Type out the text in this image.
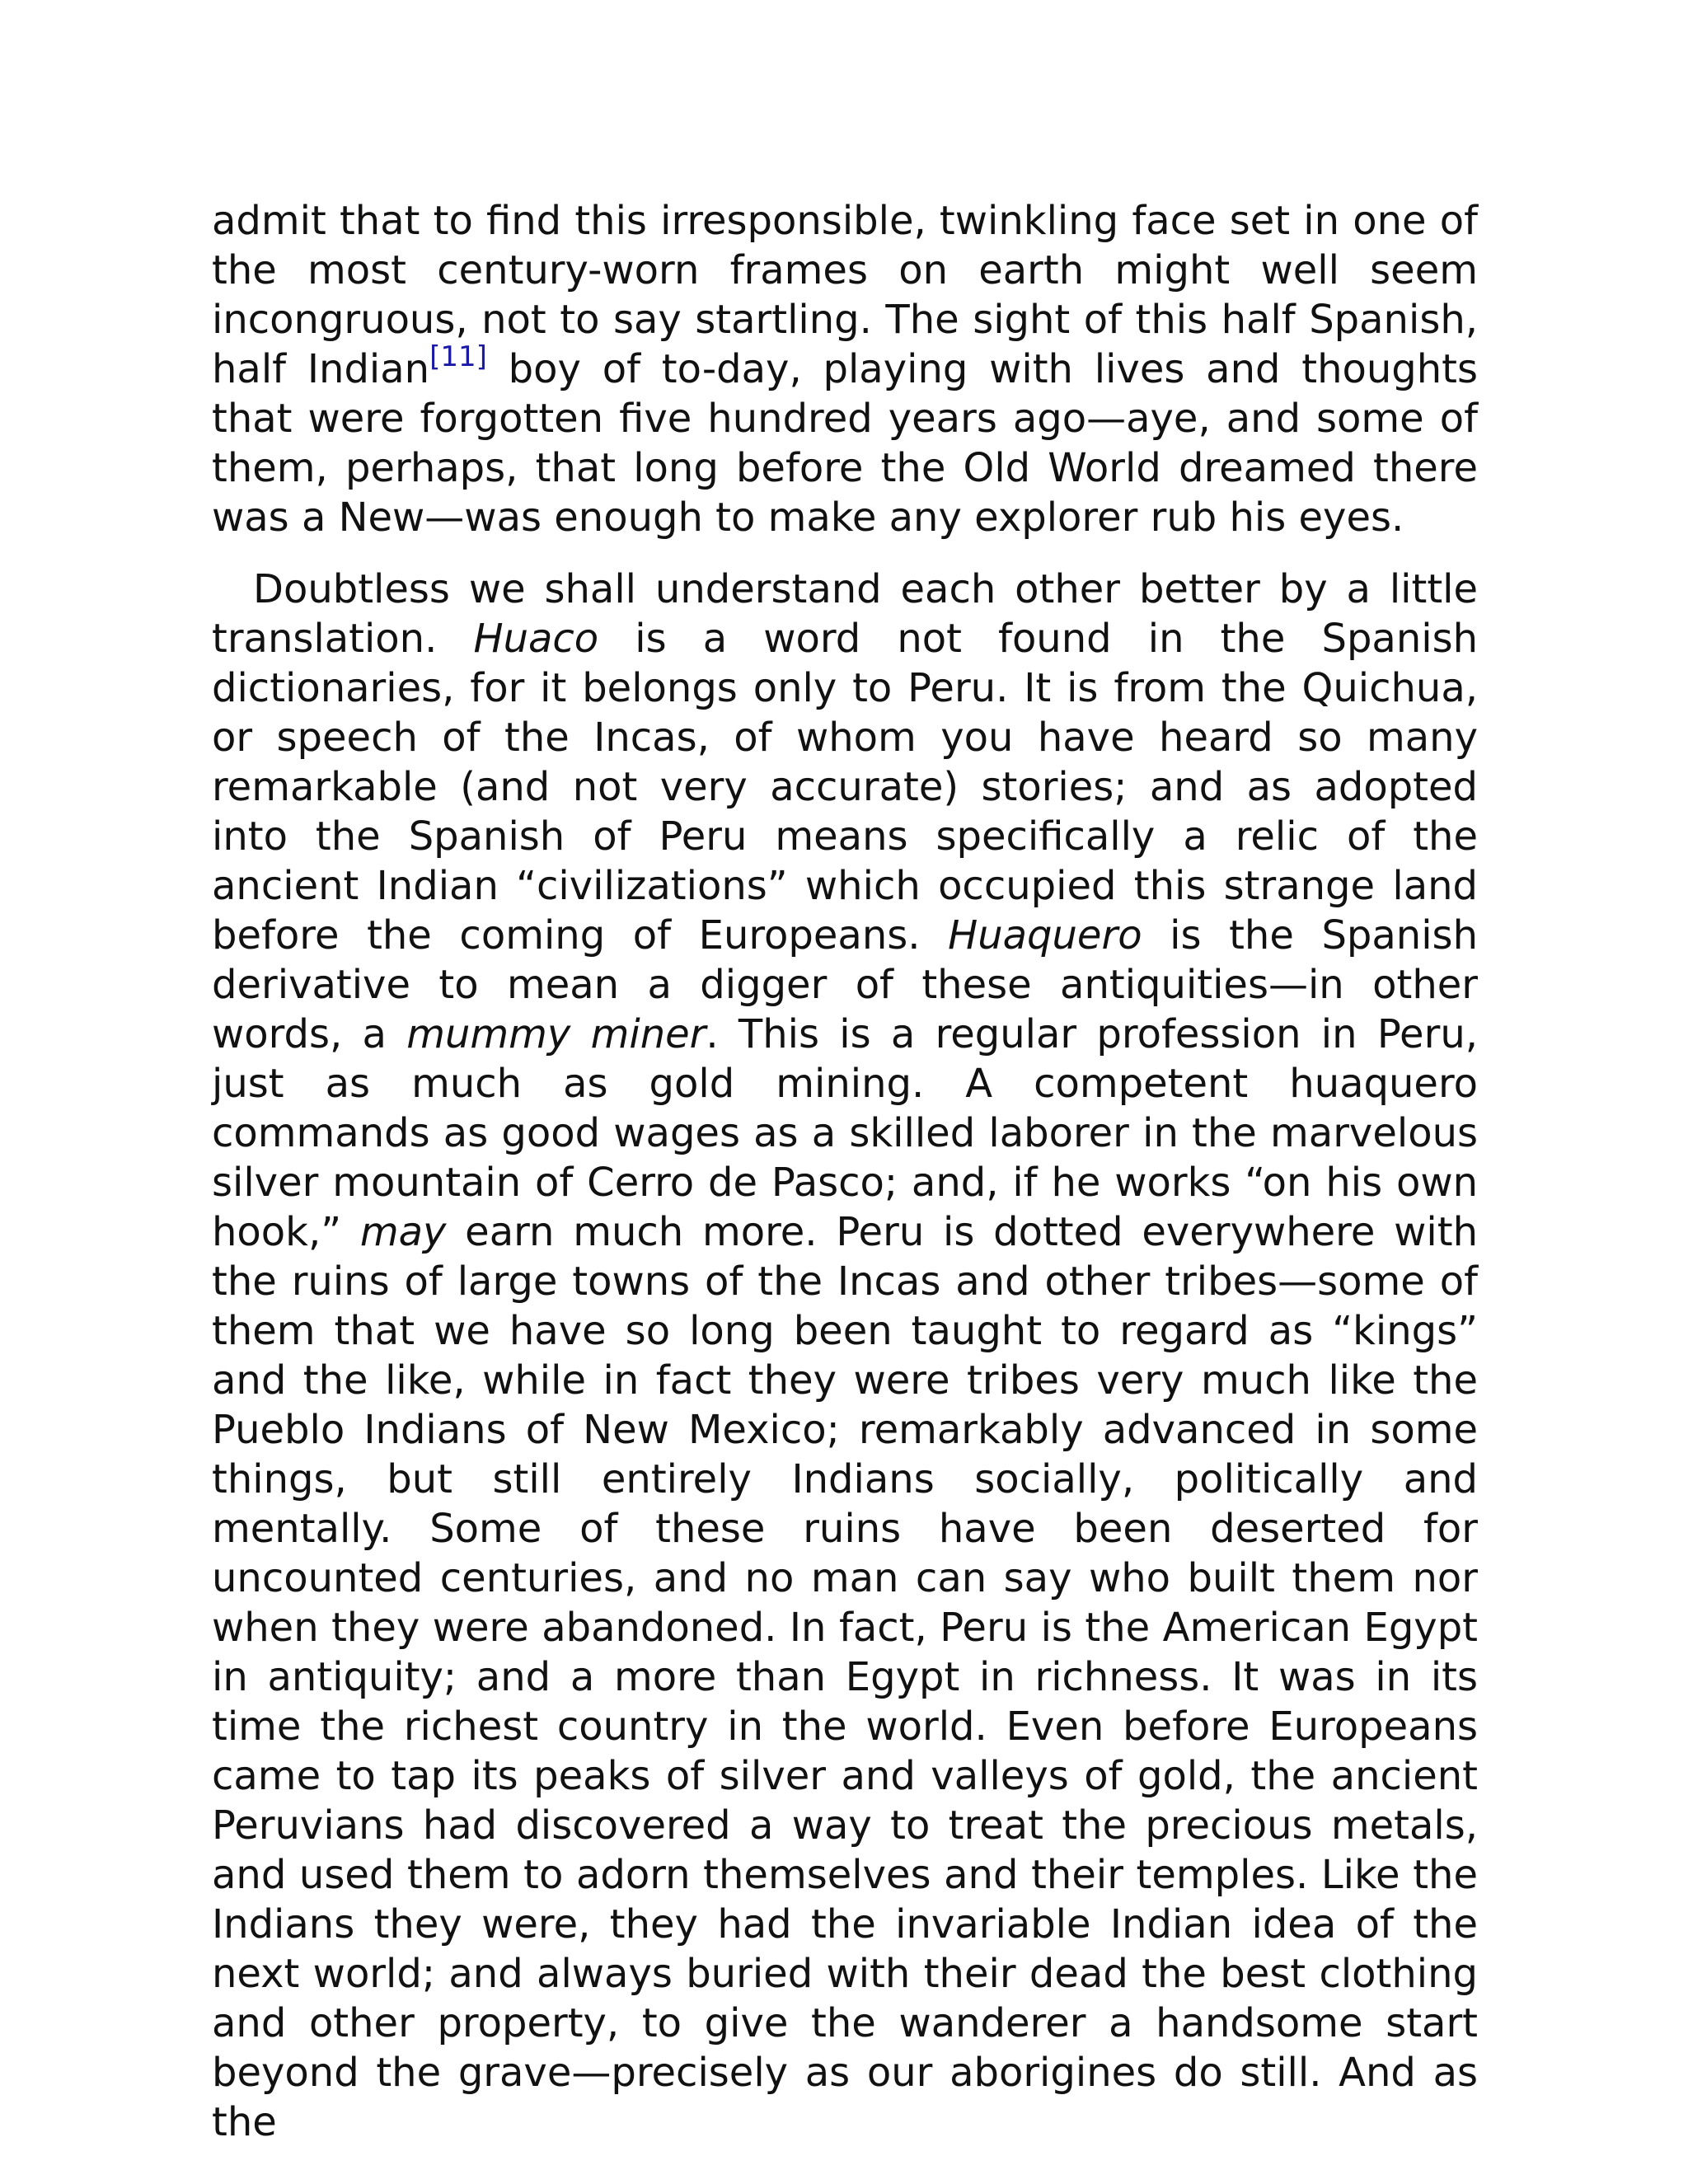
admit that to find this irresponsible, twinkling face set in one of the most century-worn frames on earth might well seem incongruous, not to say startling. The sight of this half Spanish, half Indian[11] boy of to-day, playing with lives and thoughts that were forgotten five hundred years ago—aye, and some of them, perhaps, that long before the Old World dreamed there was a New—was enough to make any explorer rub his eyes.

Doubtless we shall understand each other better by a little translation. Huaco is a word not found in the Spanish dictionaries, for it belongs only to Peru. It is from the Quichua, or speech of the Incas, of whom you have heard so many remarkable (and not very accurate) stories; and as adopted into the Spanish of Peru means specifically a relic of the ancient Indian “civilizations” which occupied this strange land before the coming of Europeans. Huaquero is the Spanish derivative to mean a digger of these antiquities—in other words, a mummy miner. This is a regular profession in Peru, just as much as gold mining. A competent huaquero commands as good wages as a skilled laborer in the marvelous silver mountain of Cerro de Pasco; and, if he works “on his own hook,” may earn much more. Peru is dotted everywhere with the ruins of large towns of the Incas and other tribes—some of them that we have so long been taught to regard as “kings” and the like, while in fact they were tribes very much like the Pueblo Indians of New Mexico; remarkably advanced in some things, but still entirely Indians socially, politically and mentally. Some of these ruins have been deserted for uncounted centuries, and no man can say who built them nor when they were abandoned. In fact, Peru is the American Egypt in antiquity; and a more than Egypt in richness. It was in its time the richest country in the world. Even before Europeans came to tap its peaks of silver and valleys of gold, the ancient Peruvians had discovered a way to treat the precious metals, and used them to adorn themselves and their temples. Like the Indians they were, they had the invariable Indian idea of the next world; and always buried with their dead the best clothing and other property, to give the wanderer a handsome start beyond the grave—precisely as our aborigines do still. And as the
